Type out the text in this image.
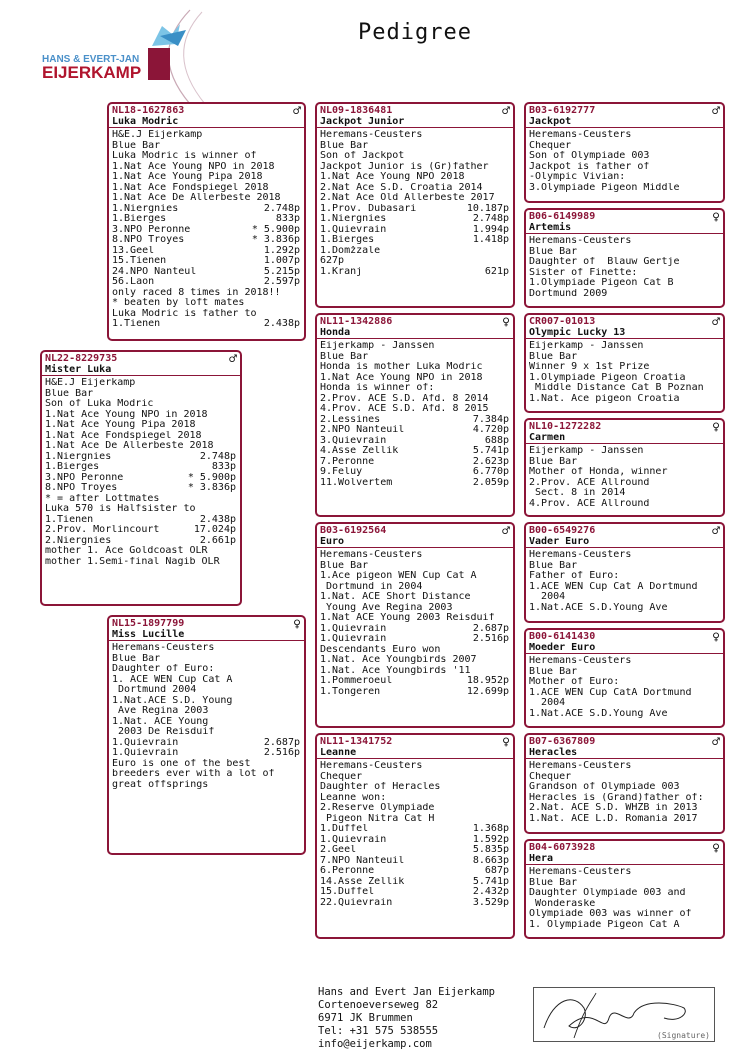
Pedigree
HANS & EVERT-JAN
EIJERKAMP
NL18-1627863
Luka Modric
♂
H&E.J Eijerkamp
Blue Bar
Luka Modric is winner of
1.Nat Ace Young NPO in 2018
1.Nat Ace Young Pipa 2018
1.Nat Ace Fondspiegel 2018
1.Nat Ace De Allerbeste 2018
1.Niergnies	2.748p
1.Bierges	833p
3.NPO Peronne	* 5.900p
8.NPO Troyes	* 3.836p
13.Geel	1.292p
15.Tienen	1.007p
24.NPO Nanteul	5.215p
56.Laon	2.597p
only raced 8 times in 2018!!
* beaten by loft mates
Luka Modric is father to
1.Tienen	2.438p
NL22-8229735
Mister Luka
♂
H&E.J Eijerkamp
Blue Bar
Son of Luka Modric
1.Nat Ace Young NPO in 2018
1.Nat Ace Young Pipa 2018
1.Nat Ace Fondspiegel 2018
1.Nat Ace De Allerbeste 2018
1.Niergnies	2.748p
1.Bierges	833p
3.NPO Peronne	* 5.900p
8.NPO Troyes	* 3.836p
* = after Lottmates
Luka 570 is Halfsister to
1.Tienen	2.438p
2.Prov. Morlincourt	17.024p
2.Niergnies	2.661p
mother 1. Ace Goldcoast OLR
mother 1.Semi-final Nagib OLR
NL15-1897799
Miss Lucille
♀
Heremans-Ceusters
Blue Bar
Daughter of Euro:
1. ACE WEN Cup Cat A
Dortmund 2004
1.Nat.ACE S.D. Young
Ave Regina 2003
1.Nat. ACE Young
2003 De Reisduif
1.Quievrain	2.687p
1.Quievrain	2.516p
Euro is one of the best
breeders ever with a lot of
great offsprings
NL09-1836481
Jackpot Junior
♂
Heremans-Ceusters
Blue Bar
Son of Jackpot
Jackpot Junior is (Gr)father
1.Nat Ace Young NPO 2018
2.Nat Ace S.D. Croatia 2014
2.Nat Ace Old Allerbeste 2017
1.Prov. Dubasari	10.187p
1.Niergnies	2.748p
1.Quievrain	1.994p
1.Bierges	1.418p
1.Domžzale
627p
1.Kranj	621p
NL11-1342886
Honda
♀
Eijerkamp - Janssen
Blue Bar
Honda is mother Luka Modric
1.Nat Ace Young NPO in 2018
Honda is winner of:
2.Prov. ACE S.D. Afd. 8 2014
4.Prov. ACE S.D. Afd. 8 2015
2.Lessines	7.384p
2.NPO Nanteuil	4.720p
3.Quievrain	688p
4.Asse Zellik	5.741p
7.Peronne	2.623p
9.Feluy	6.770p
11.Wolvertem	2.059p
B03-6192564
Euro
♂
Heremans-Ceusters
Blue Bar
1.Ace pigeon WEN Cup Cat A
Dortmund in 2004
1.Nat. ACE Short Distance
Young Ave Regina 2003
1.Nat ACE Young 2003 Reisduif
1.Quievrain	2.687p
1.Quievrain	2.516p
Descendants Euro won
1.Nat. Ace Youngbirds 2007
1.Nat. Ace Youngbirds '11
1.Pommeroeul	18.952p
1.Tongeren	12.699p
NL11-1341752
Leanne
♀
Heremans-Ceusters
Chequer
Daughter of Heracles
Leanne won:
2.Reserve Olympiade
Pigeon Nitra Cat H
1.Duffel	1.368p
1.Quievrain	1.592p
2.Geel	5.835p
7.NPO Nanteuil	8.663p
6.Peronne	687p
14.Asse Zellik	5.741p
15.Duffel	2.432p
22.Quievrain	3.529p
B03-6192777
Jackpot
♂
Heremans-Ceusters
Chequer
Son of Olympiade 003
Jackpot is father of
-Olympic Vivian:
3.Olympiade Pigeon Middle
B06-6149989
Artemis
♀
Heremans-Ceusters
Blue Bar
Daughter of  Blauw Gertje
Sister of Finette:
1.Olympiade Pigeon Cat B
Dortmund 2009
CR007-01013
Olympic Lucky 13
♂
Eijerkamp - Janssen
Blue Bar
Winner 9 x 1st Prize
1.Olympiade Pigeon Croatia
Middle Distance Cat B Poznan
1.Nat. Ace pigeon Croatia
NL10-1272282
Carmen
♀
Eijerkamp - Janssen
Blue Bar
Mother of Honda, winner
2.Prov. ACE Allround
Sect. 8 in 2014
4.Prov. ACE Allround
B00-6549276
Vader Euro
♂
Heremans-Ceusters
Blue Bar
Father of Euro:
1.ACE WEN Cup Cat A Dortmund
2004
1.Nat.ACE S.D.Young Ave
B00-6141430
Moeder Euro
♀
Heremans-Ceusters
Blue Bar
Mother of Euro:
1.ACE WEN Cup CatA Dortmund
2004
1.Nat.ACE S.D.Young Ave
B07-6367809
Heracles
♂
Heremans-Ceusters
Chequer
Grandson of Olympiade 003
Heracles is (Grand)father of:
2.Nat. ACE S.D. WHZB in 2013
1.Nat. ACE L.D. Romania 2017
B04-6073928
Hera
♀
Heremans-Ceusters
Blue Bar
Daughter Olympiade 003 and
Wonderaske
Olympiade 003 was winner of
1. Olympiade Pigeon Cat A
Hans and Evert Jan Eijerkamp
Cortenoeverseweg 82
6971 JK Brummen
Tel: +31 575 538555
info@eijerkamp.com
(Signature)
